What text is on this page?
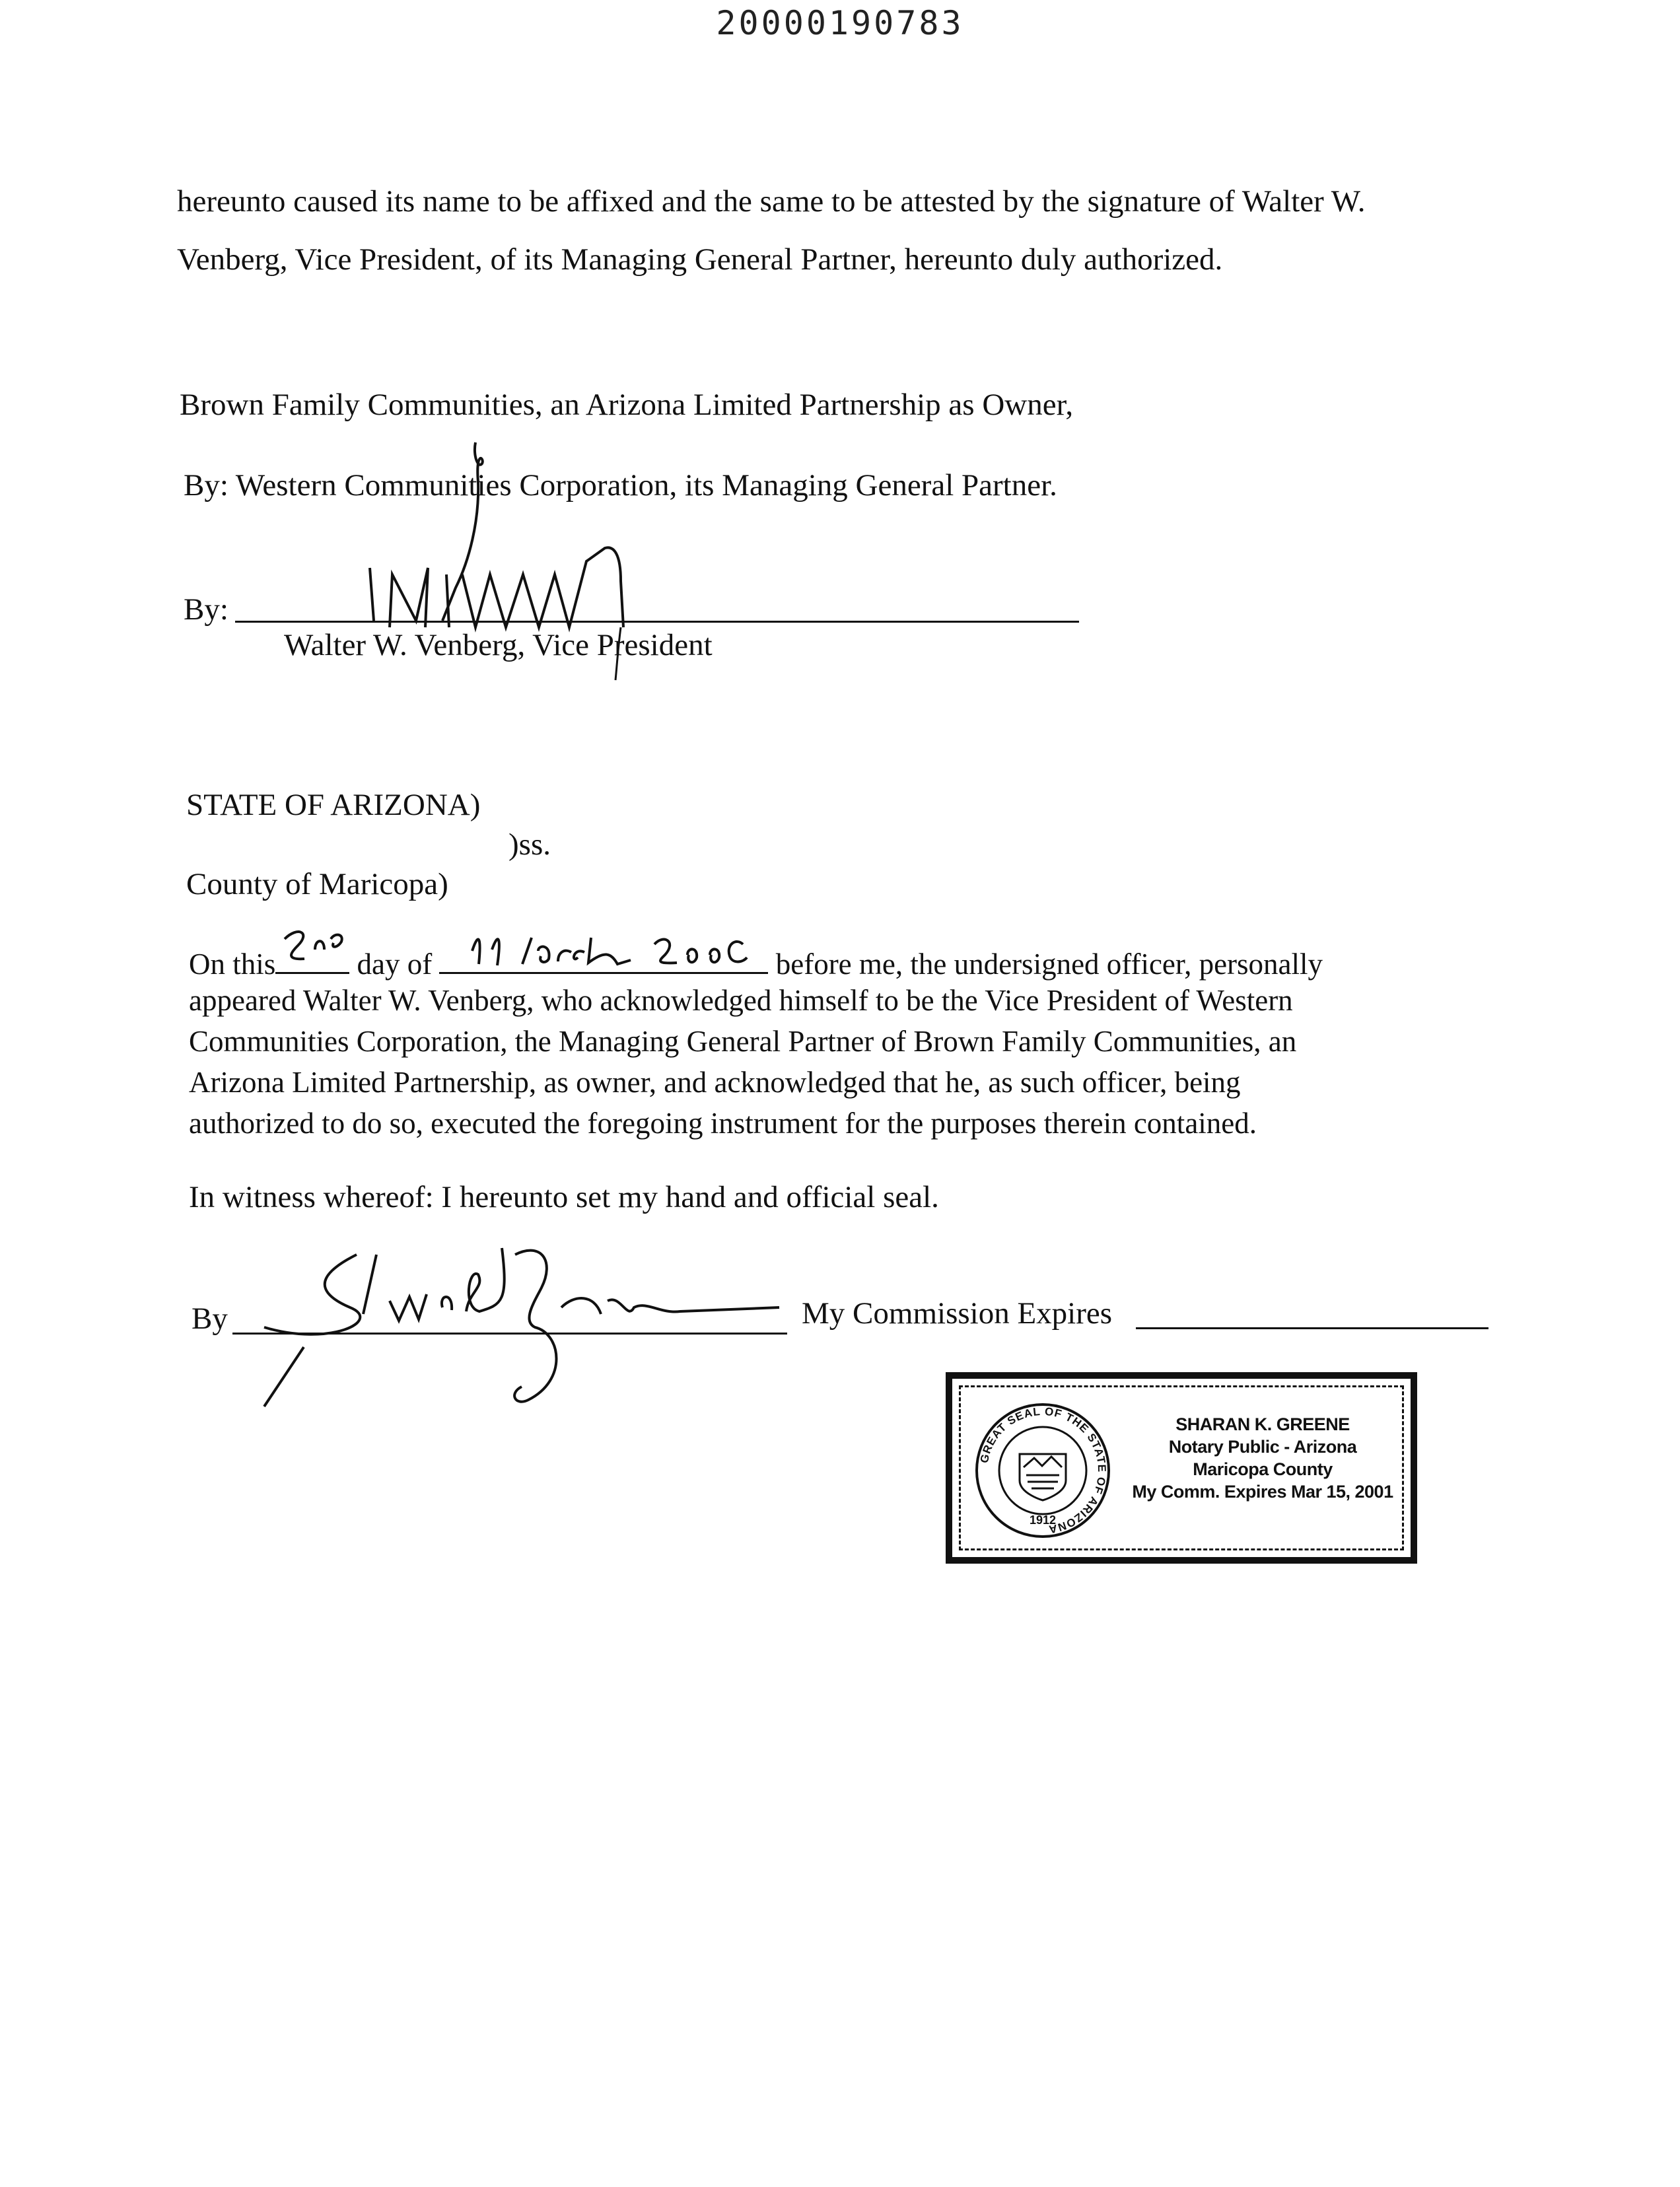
20000190783
hereunto caused its name to be affixed and the same to be attested by the signature of Walter W.
Venberg, Vice President, of its Managing General Partner, hereunto duly authorized.
Brown Family Communities, an Arizona Limited Partnership as Owner,
By: Western Communities Corporation, its Managing General Partner.
By:
Walter W. Venberg, Vice President
STATE OF ARIZONA)
)ss.
County of Maricopa)
On this
2nd
day of
March 2000
before me, the undersigned officer, personally
appeared Walter W. Venberg, who acknowledged himself to be the Vice President of Western
Communities Corporation, the Managing General Partner of Brown Family Communities, an
Arizona Limited Partnership, as owner, and acknowledged that he, as such officer, being
authorized to do so, executed the foregoing instrument for the purposes therein contained.
In witness whereof: I hereunto set my hand and official seal.
By	My Commission Expires
GREAT SEAL OF THE STATE OF ARIZONA
1912
SHARAN K. GREENE
Notary Public - Arizona
Maricopa County
My Comm. Expires Mar 15, 2001
